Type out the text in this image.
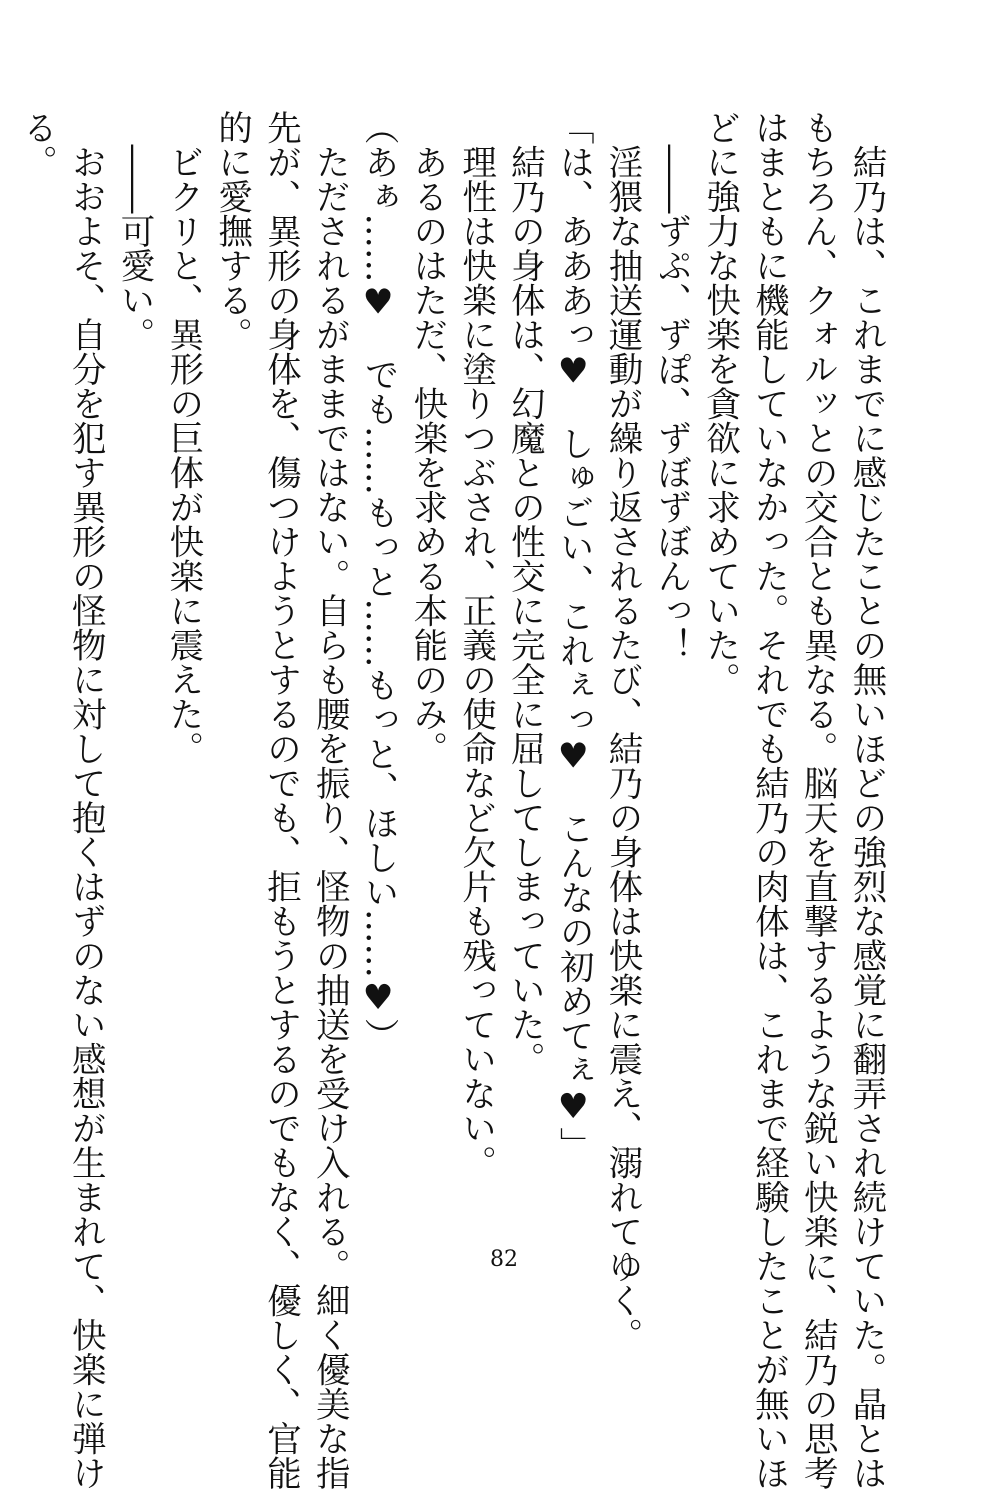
　結乃は、これまでに感じたことの無いほどの強烈な感覚に翻弄され続けていた。晶とは
もちろん、クォルッとの交合とも異なる。脳天を直撃するような鋭い快楽に、結乃の思考
はまともに機能していなかった。それでも結乃の肉体は、これまで経験したことが無いほ
どに強力な快楽を貪欲に求めていた。
　――ずぷ、ずぽ、ずぼずぼんっ！
　淫猥な抽送運動が繰り返されるたび、結乃の身体は快楽に震え、溺れてゆく。
「は、あああっ♥　しゅごい、これぇっ♥　こんなの初めてぇ♥」
　結乃の身体は、幻魔との性交に完全に屈してしまっていた。
　理性は快楽に塗りつぶされ、正義の使命など欠片も残っていない。
　あるのはただ、快楽を求める本能のみ。
（あぁ……♥　でも……もっと……もっと、ほしい……♥）
　ただされるがままではない。自らも腰を振り、怪物の抽送を受け入れる。細く優美な指
先が、異形の身体を、傷つけようとするのでも、拒もうとするのでもなく、優しく、官能
的に愛撫する。
　ビクリと、異形の巨体が快楽に震えた。
　――可愛い。
　おおよそ、自分を犯す異形の怪物に対して抱くはずのない感想が生まれて、快楽に弾け
る。
82
